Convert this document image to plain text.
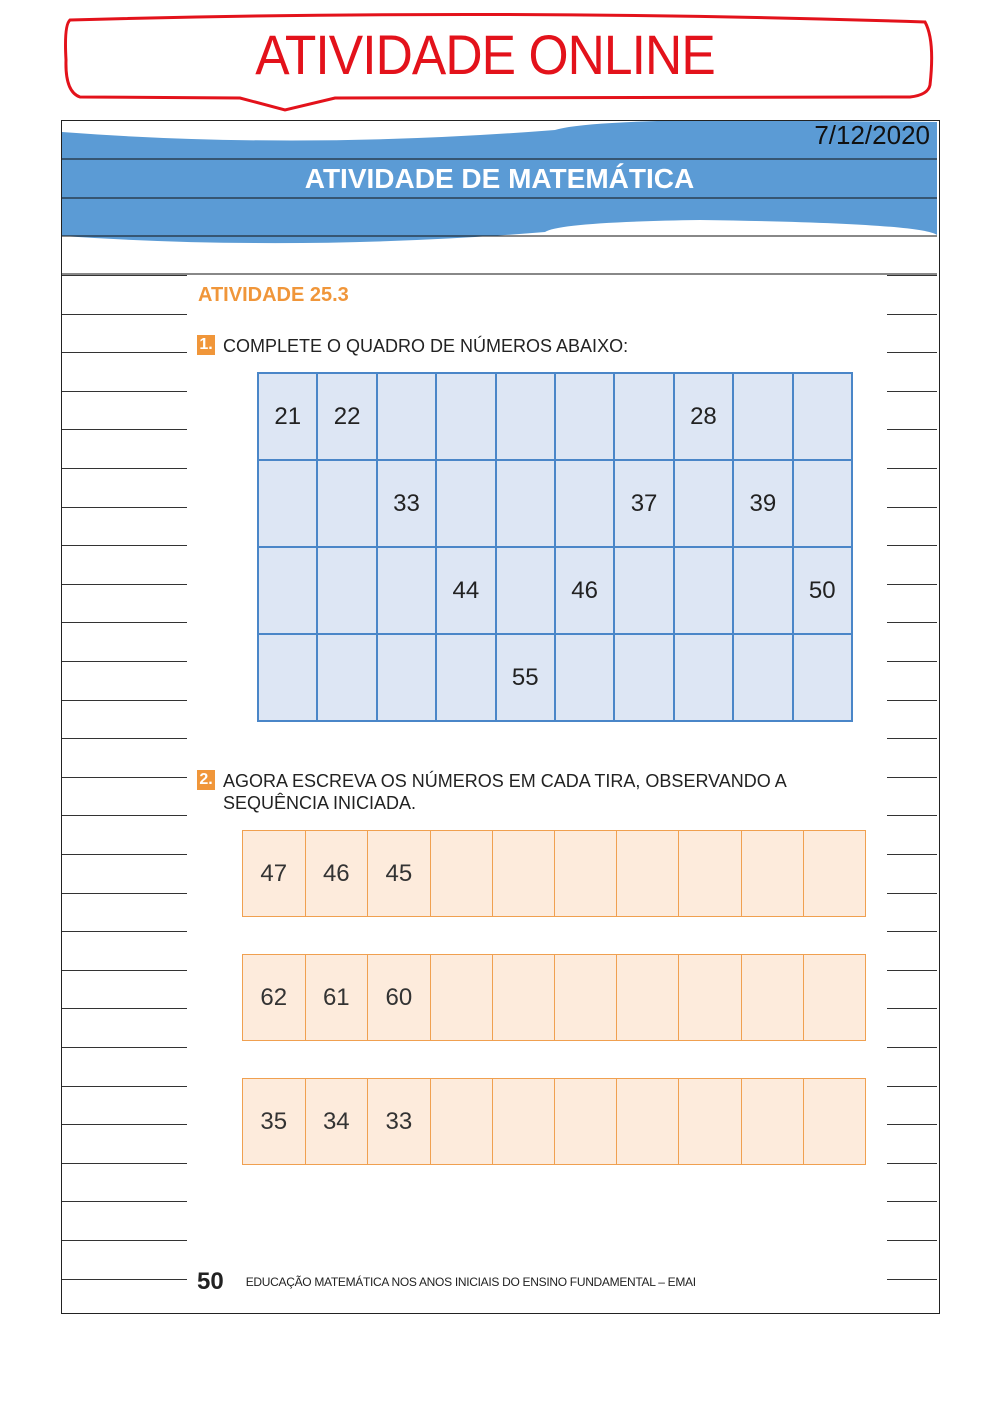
ATIVIDADE ONLINE
7/12/2020
ATIVIDADE DE MATEMÁTICA
ATIVIDADE 25.3
1. COMPLETE O QUADRO DE NÚMEROS ABAIXO:
21	22						28		
		33				37		39	
			44		46				50
				55					
2. AGORA ESCREVA OS NÚMEROS EM CADA TIRA, OBSERVANDO A SEQUÊNCIA INICIADA.
47	46	45							
62	61	60							
35	34	33							
50 EDUCAÇÃO MATEMÁTICA NOS ANOS INICIAIS DO ENSINO FUNDAMENTAL – EMAI
